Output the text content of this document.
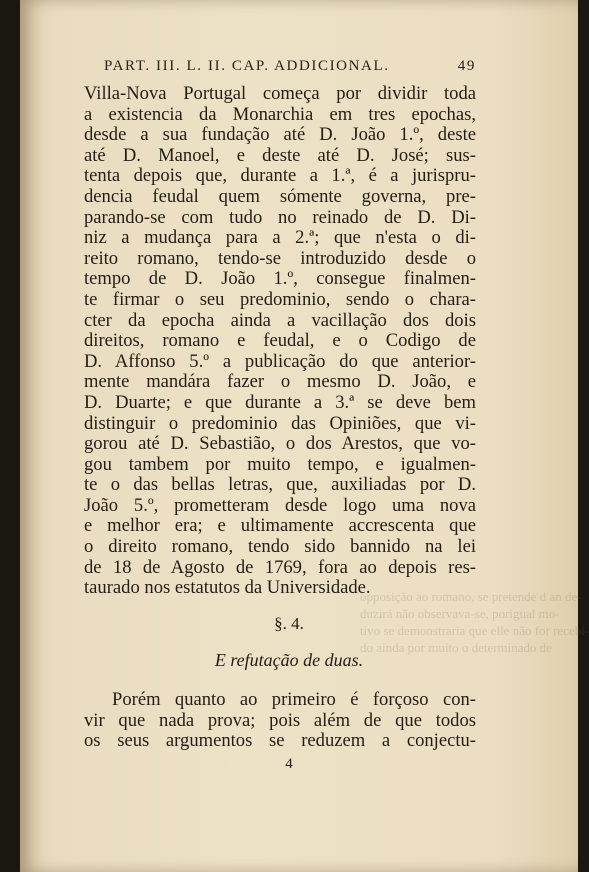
opposição ao romano, se pretende d an de-
duzirá não observava-se, porigual mo-
tivo se demonstraria que elle não for recebi-
do ainda por muito o determinado de
PART. III. L. II. CAP. ADDICIONAL.	49
Villa-Nova Portugal começa por dividir toda
a existencia da Monarchia em tres epochas,
desde a sua fundação até D. João 1.º, deste
até D. Manoel, e deste até D. José; sus-
tenta depois que, durante a 1.ª, é a jurispru-
dencia feudal quem sómente governa, pre-
parando-se com tudo no reinado de D. Di-
niz a mudança para a 2.ª; que n'esta o di-
reito romano, tendo-se introduzido desde o
tempo de D. João 1.º, consegue finalmen-
te firmar o seu predominio, sendo o chara-
cter da epocha ainda a vacillação dos dois
direitos, romano e feudal, e o Codigo de
D. Affonso 5.º a publicação do que anterior-
mente mandára fazer o mesmo D. João, e
D. Duarte; e que durante a 3.ª se deve bem
distinguir o predominio das Opiniões, que vi-
gorou até D. Sebastião, o dos Arestos, que vo-
gou tambem por muito tempo, e igualmen-
te o das bellas letras, que, auxiliadas por D.
João 5.º, prometteram desde logo uma nova
e melhor era; e ultimamente accrescenta que
o direito romano, tendo sido bannido na lei
de 18 de Agosto de 1769, fora ao depois res-
taurado nos estatutos da Universidade.
§. 4.
E refutação de duas.
Porém quanto ao primeiro é forçoso con-
vir que nada prova; pois além de que todos
os seus argumentos se reduzem a conjectu-
4
